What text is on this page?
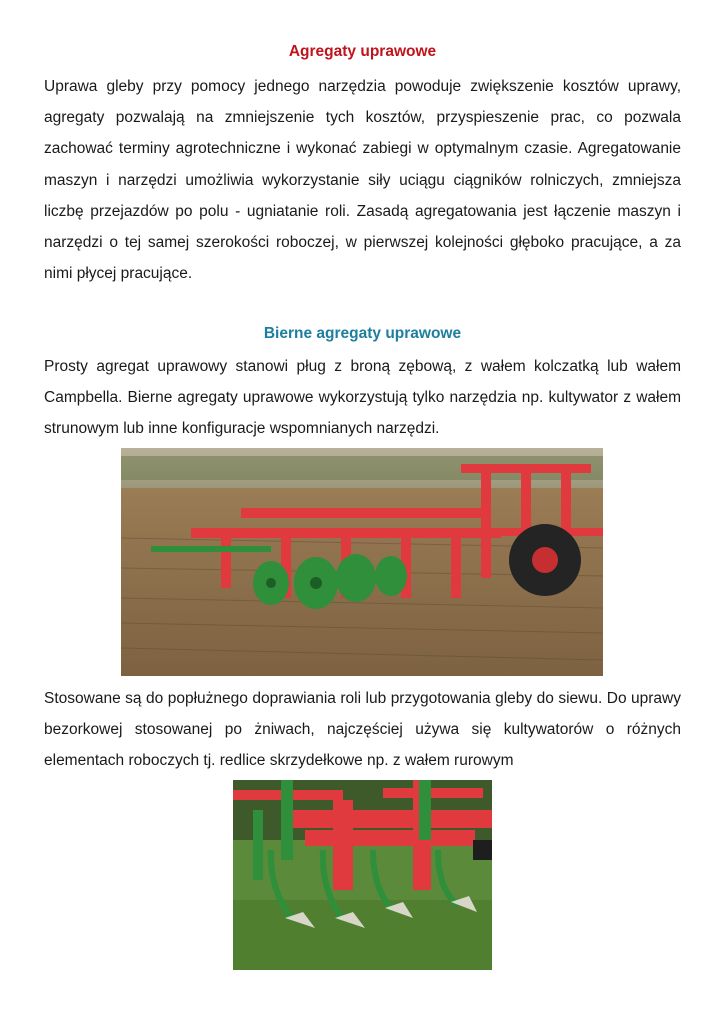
Agregaty uprawowe

Uprawa gleby przy pomocy jednego narzędzia powoduje zwiększenie kosztów uprawy, agregaty pozwalają na zmniejszenie tych kosztów, przyspieszenie prac, co pozwala zachować terminy agrotechniczne i wykonać zabiegi w optymalnym czasie. Agregatowanie maszyn i narzędzi umożliwia wykorzystanie siły uciągu ciągników rolniczych, zmniejsza liczbę przejazdów po polu - ugniatanie roli. Zasadą agregatowania jest łączenie maszyn i narzędzi o tej samej szerokości roboczej, w pierwszej kolejności głęboko pracujące, a za nimi płycej pracujące.

Bierne agregaty uprawowe

Prosty agregat uprawowy stanowi pług z broną zębową, z wałem kolczatką lub wałem Campbella. Bierne agregaty uprawowe wykorzystują tylko narzędzia np. kultywator z wałem strunowym lub inne konfiguracje wspomnianych narzędzi.

Stosowane są do popłużnego doprawiania roli lub przygotowania gleby do siewu. Do uprawy bezorkowej stosowanej po żniwach, najczęściej używa się kultywatorów o różnych elementach roboczych tj. redlice skrzydełkowe np. z wałem rurowym
